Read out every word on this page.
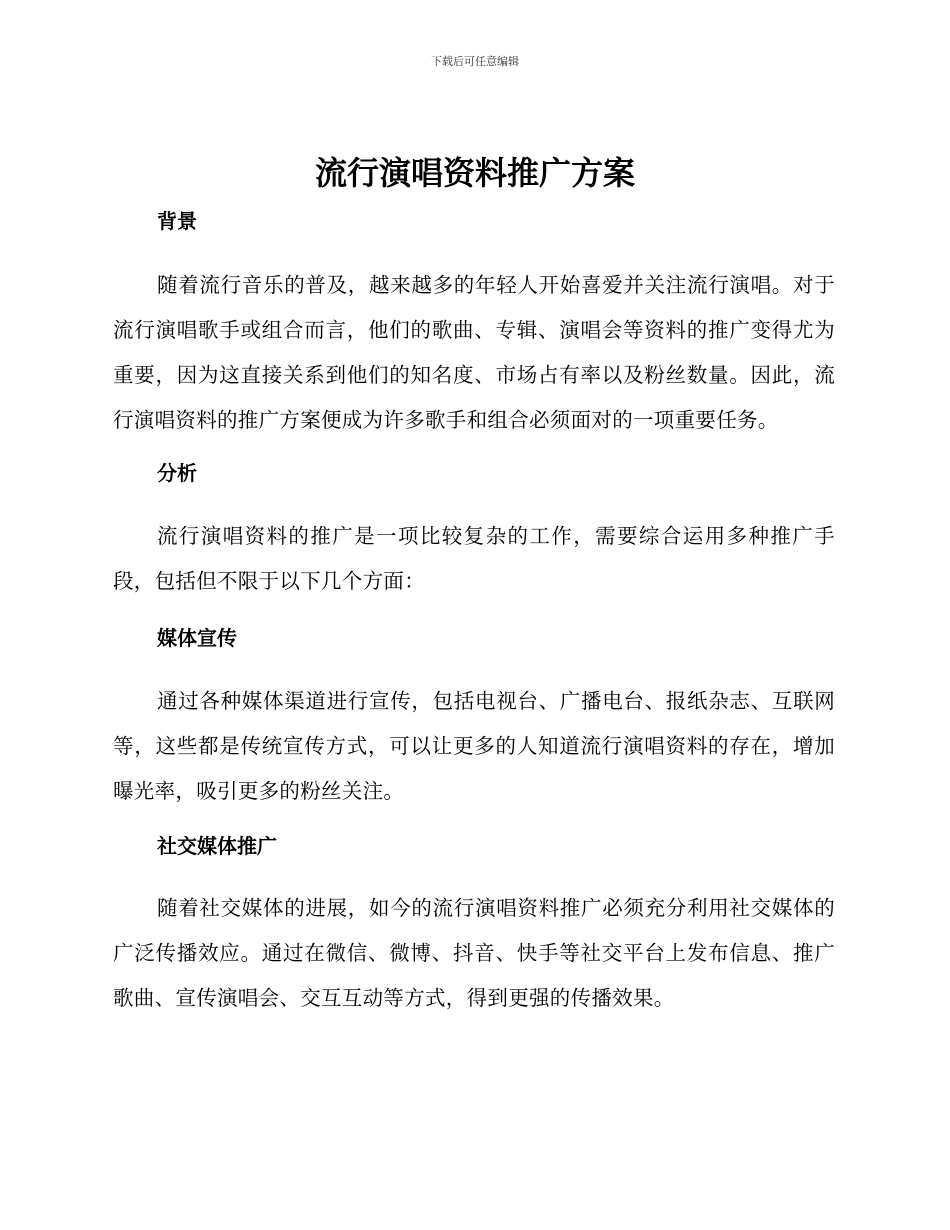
下载后可任意编辑
流行演唱资料推广方案
背景

随着流行音乐的普及，越来越多的年轻人开始喜爱并关注流行演唱。对于流行演唱歌手或组合而言，他们的歌曲、专辑、演唱会等资料的推广变得尤为重要，因为这直接关系到他们的知名度、市场占有率以及粉丝数量。因此，流行演唱资料的推广方案便成为许多歌手和组合必须面对的一项重要任务。

分析

流行演唱资料的推广是一项比较复杂的工作，需要综合运用多种推广手段，包括但不限于以下几个方面：

媒体宣传

通过各种媒体渠道进行宣传，包括电视台、广播电台、报纸杂志、互联网等，这些都是传统宣传方式，可以让更多的人知道流行演唱资料的存在，增加曝光率，吸引更多的粉丝关注。

社交媒体推广

随着社交媒体的进展，如今的流行演唱资料推广必须充分利用社交媒体的广泛传播效应。通过在微信、微博、抖音、快手等社交平台上发布信息、推广歌曲、宣传演唱会、交互互动等方式，得到更强的传播效果。
